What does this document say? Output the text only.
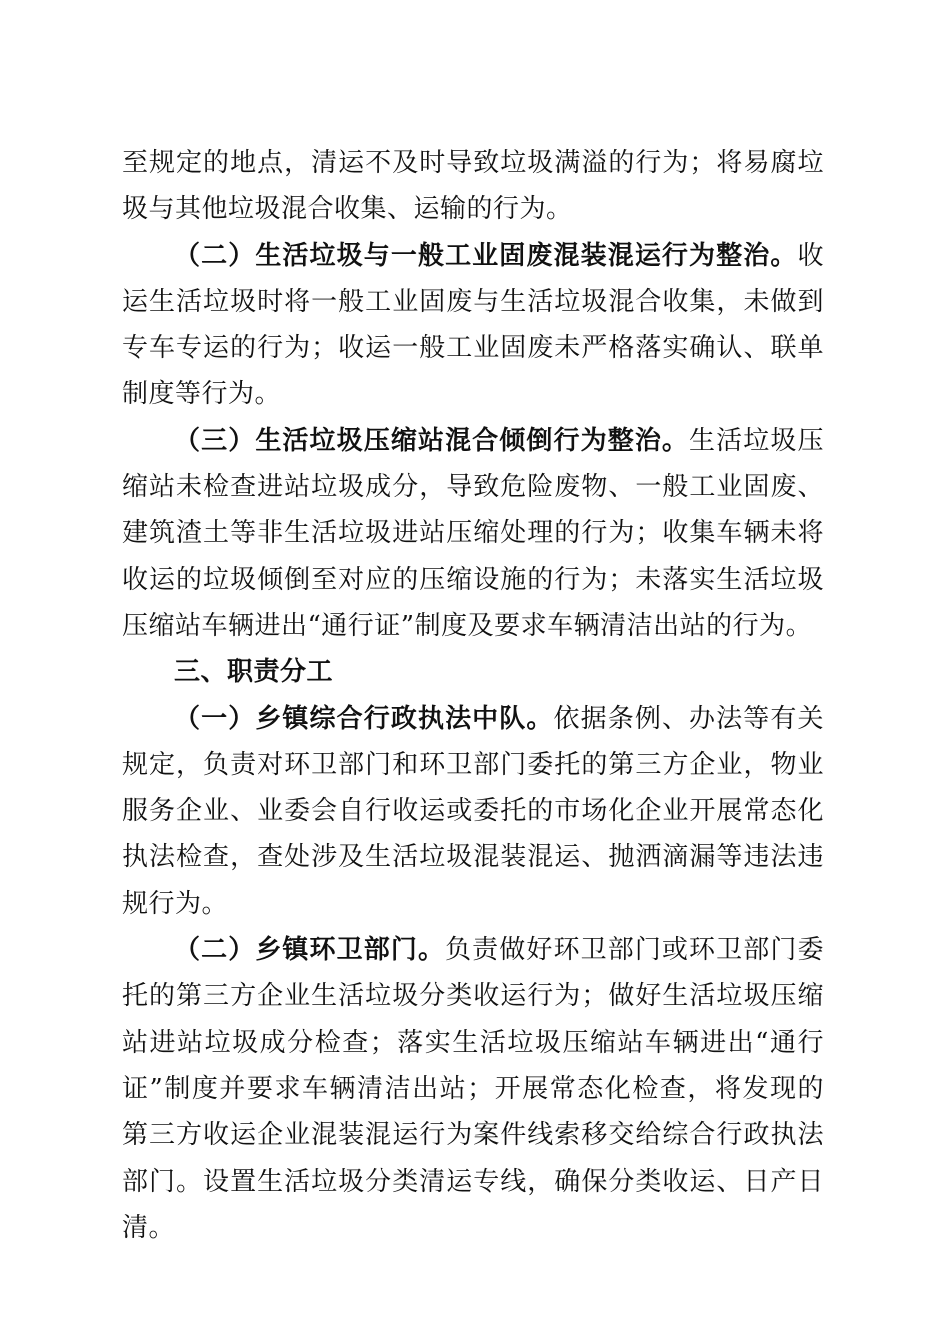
至规定的地点，清运不及时导致垃圾满溢的行为；将易腐垃圾与其他垃圾混合收集、运输的行为。

（二）生活垃圾与一般工业固废混装混运行为整治。收运生活垃圾时将一般工业固废与生活垃圾混合收集，未做到专车专运的行为；收运一般工业固废未严格落实确认、联单制度等行为。

（三）生活垃圾压缩站混合倾倒行为整治。生活垃圾压缩站未检查进站垃圾成分，导致危险废物、一般工业固废、建筑渣土等非生活垃圾进站压缩处理的行为；收集车辆未将收运的垃圾倾倒至对应的压缩设施的行为；未落实生活垃圾压缩站车辆进出“通行证”制度及要求车辆清洁出站的行为。

三、职责分工

（一）乡镇综合行政执法中队。依据条例、办法等有关规定，负责对环卫部门和环卫部门委托的第三方企业，物业服务企业、业委会自行收运或委托的市场化企业开展常态化执法检查，查处涉及生活垃圾混装混运、抛洒滴漏等违法违规行为。

（二）乡镇环卫部门。负责做好环卫部门或环卫部门委托的第三方企业生活垃圾分类收运行为；做好生活垃圾压缩站进站垃圾成分检查；落实生活垃圾压缩站车辆进出“通行证”制度并要求车辆清洁出站；开展常态化检查，将发现的第三方收运企业混装混运行为案件线索移交给综合行政执法部门。设置生活垃圾分类清运专线，确保分类收运、日产日清。
